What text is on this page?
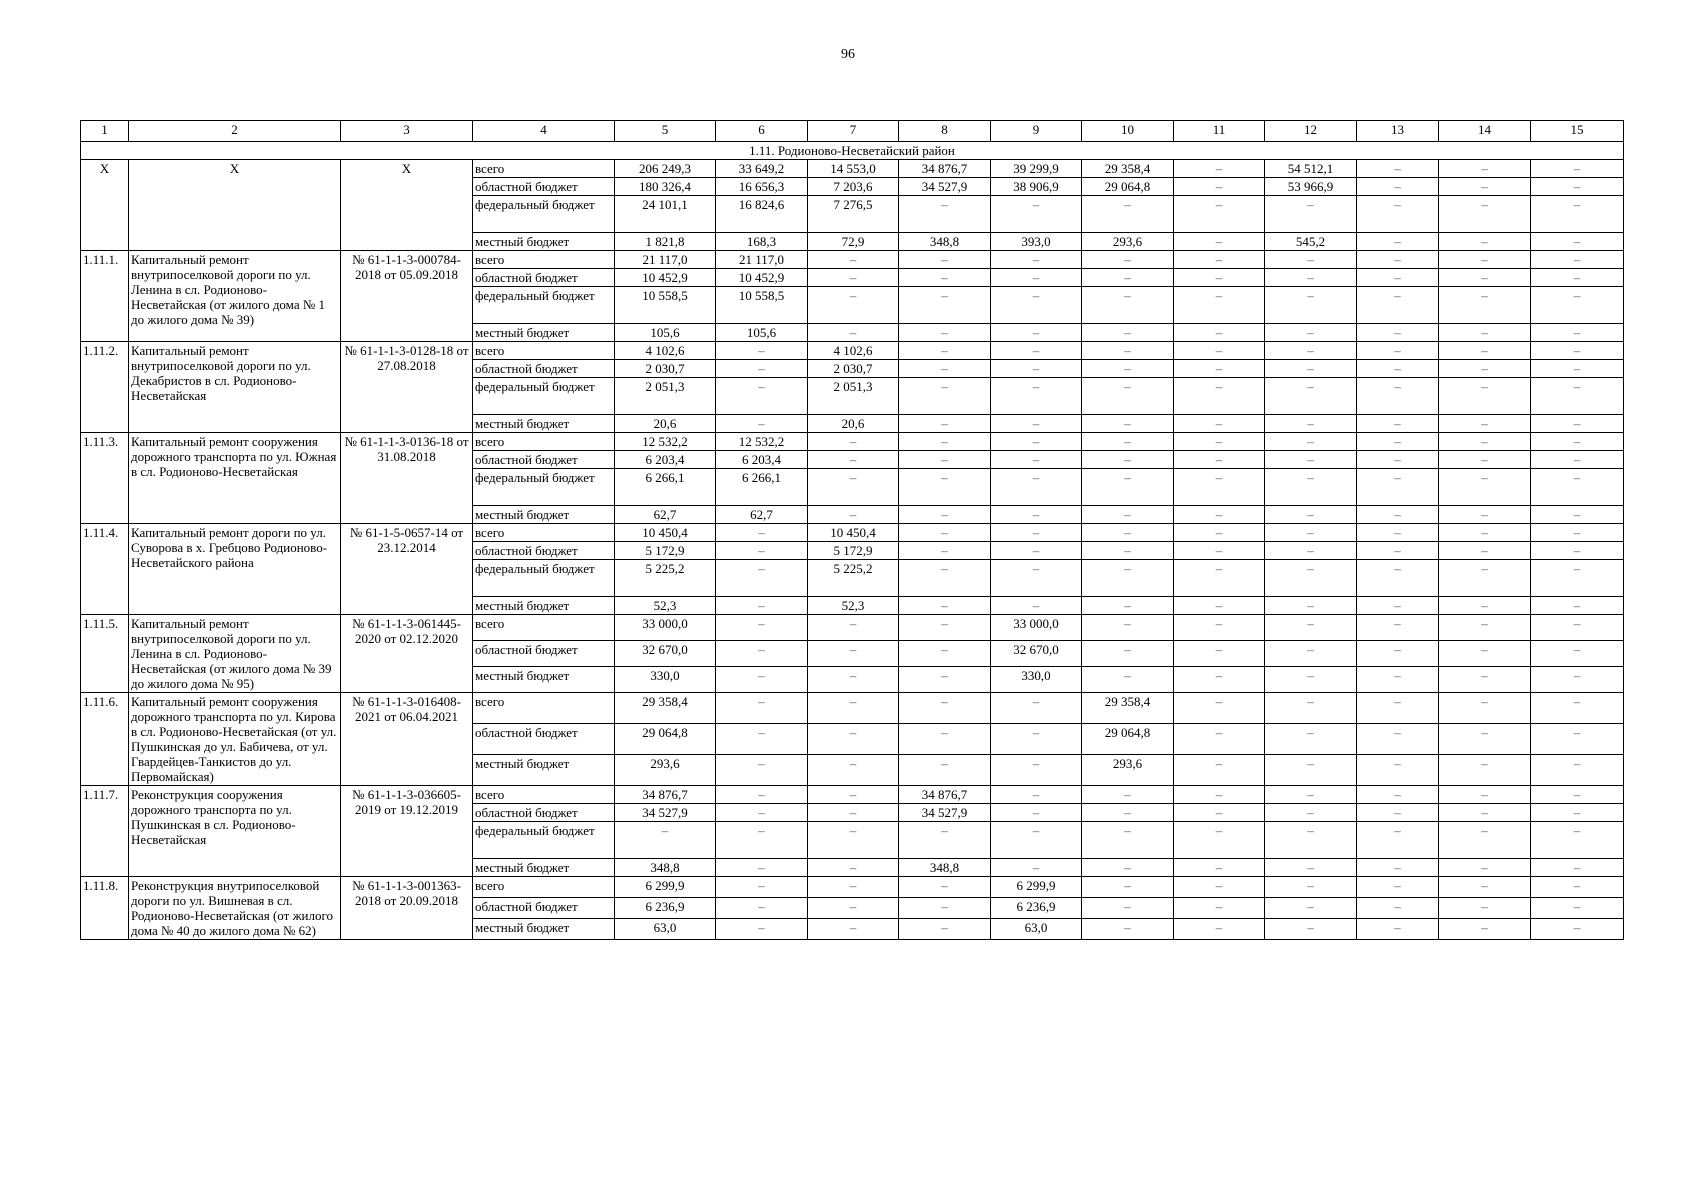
96
1	2	3	4	5	6	7	8	9	10	11	12	13	14	15
1.11. Родионово-Несветайский район														
Х	Х	Х	всего	206 249,3	33 649,2	14 553,0	34 876,7	39 299,9	29 358,4	–	54 512,1	–	–	–
			областной бюджет	180 326,4	16 656,3	7 203,6	34 527,9	38 906,9	29 064,8	–	53 966,9	–	–	–
			федеральный бюджет	24 101,1	16 824,6	7 276,5	–	–	–	–	–	–	–	–
			местный бюджет	1 821,8	168,3	72,9	348,8	393,0	293,6	–	545,2	–	–	–
1.11.1.	Капитальный ремонт внутрипоселковой дороги по ул. Ленина в сл. Родионово-Несветайская (от жилого дома № 1 до жилого дома № 39)	№ 61-1-1-3-000784-2018 от 05.09.2018	всего	21 117,0	21 117,0	–	–	–	–	–	–	–	–	–
			областной бюджет	10 452,9	10 452,9	–	–	–	–	–	–	–	–	–
			федеральный бюджет	10 558,5	10 558,5	–	–	–	–	–	–	–	–	–
			местный бюджет	105,6	105,6	–	–	–	–	–	–	–	–	–
1.11.2.	Капитальный ремонт внутрипоселковой дороги по ул. Декабристов в сл. Родионово-Несветайская	№ 61-1-1-3-0128-18 от 27.08.2018	всего	4 102,6	–	4 102,6	–	–	–	–	–	–	–	–
			областной бюджет	2 030,7	–	2 030,7	–	–	–	–	–	–	–	–
			федеральный бюджет	2 051,3	–	2 051,3	–	–	–	–	–	–	–	–
			местный бюджет	20,6	–	20,6	–	–	–	–	–	–	–	–
1.11.3.	Капитальный ремонт сооружения дорожного транспорта по ул. Южная в сл. Родионово-Несветайская	№ 61-1-1-3-0136-18 от 31.08.2018	всего	12 532,2	12 532,2	–	–	–	–	–	–	–	–	–
			областной бюджет	6 203,4	6 203,4	–	–	–	–	–	–	–	–	–
			федеральный бюджет	6 266,1	6 266,1	–	–	–	–	–	–	–	–	–
			местный бюджет	62,7	62,7	–	–	–	–	–	–	–	–	–
1.11.4.	Капитальный ремонт дороги по ул. Суворова в х. Гребцово Родионово-Несветайского района	№ 61-1-5-0657-14 от 23.12.2014	всего	10 450,4	–	10 450,4	–	–	–	–	–	–	–	–
			областной бюджет	5 172,9	–	5 172,9	–	–	–	–	–	–	–	–
			федеральный бюджет	5 225,2	–	5 225,2	–	–	–	–	–	–	–	–
			местный бюджет	52,3	–	52,3	–	–	–	–	–	–	–	–
1.11.5.	Капитальный ремонт внутрипоселковой дороги по ул. Ленина в сл. Родионово-Несветайская (от жилого дома № 39 до жилого дома № 95)	№ 61-1-1-3-061445-2020 от 02.12.2020	всего	33 000,0	–	–	–	33 000,0	–	–	–	–	–	–
			областной бюджет	32 670,0	–	–	–	32 670,0	–	–	–	–	–	–
			местный бюджет	330,0	–	–	–	330,0	–	–	–	–	–	–
1.11.6.	Капитальный ремонт сооружения дорожного транспорта по ул. Кирова в сл. Родионово-Несветайская (от ул. Пушкинская до ул. Бабичева, от ул. Гвардейцев-Танкистов до ул. Первомайская)	№ 61-1-1-3-016408-2021 от 06.04.2021	всего	29 358,4	–	–	–	–	29 358,4	–	–	–	–	–
			областной бюджет	29 064,8	–	–	–	–	29 064,8	–	–	–	–	–
			местный бюджет	293,6	–	–	–	–	293,6	–	–	–	–	–
1.11.7.	Реконструкция сооружения дорожного транспорта по ул. Пушкинская в сл. Родионово-Несветайская	№ 61-1-1-3-036605-2019 от 19.12.2019	всего	34 876,7	–	–	34 876,7	–	–	–	–	–	–	–
			областной бюджет	34 527,9	–	–	34 527,9	–	–	–	–	–	–	–
			федеральный бюджет	–	–	–	–	–	–	–	–	–	–	–
			местный бюджет	348,8	–	–	348,8	–	–	–	–	–	–	–
1.11.8.	Реконструкция внутрипоселковой дороги по ул. Вишневая в сл. Родионово-Несветайская (от жилого дома № 40 до жилого дома № 62)	№ 61-1-1-3-001363-2018 от 20.09.2018	всего	6 299,9	–	–	–	6 299,9	–	–	–	–	–	–
			областной бюджет	6 236,9	–	–	–	6 236,9	–	–	–	–	–	–
			местный бюджет	63,0	–	–	–	63,0	–	–	–	–	–	–
